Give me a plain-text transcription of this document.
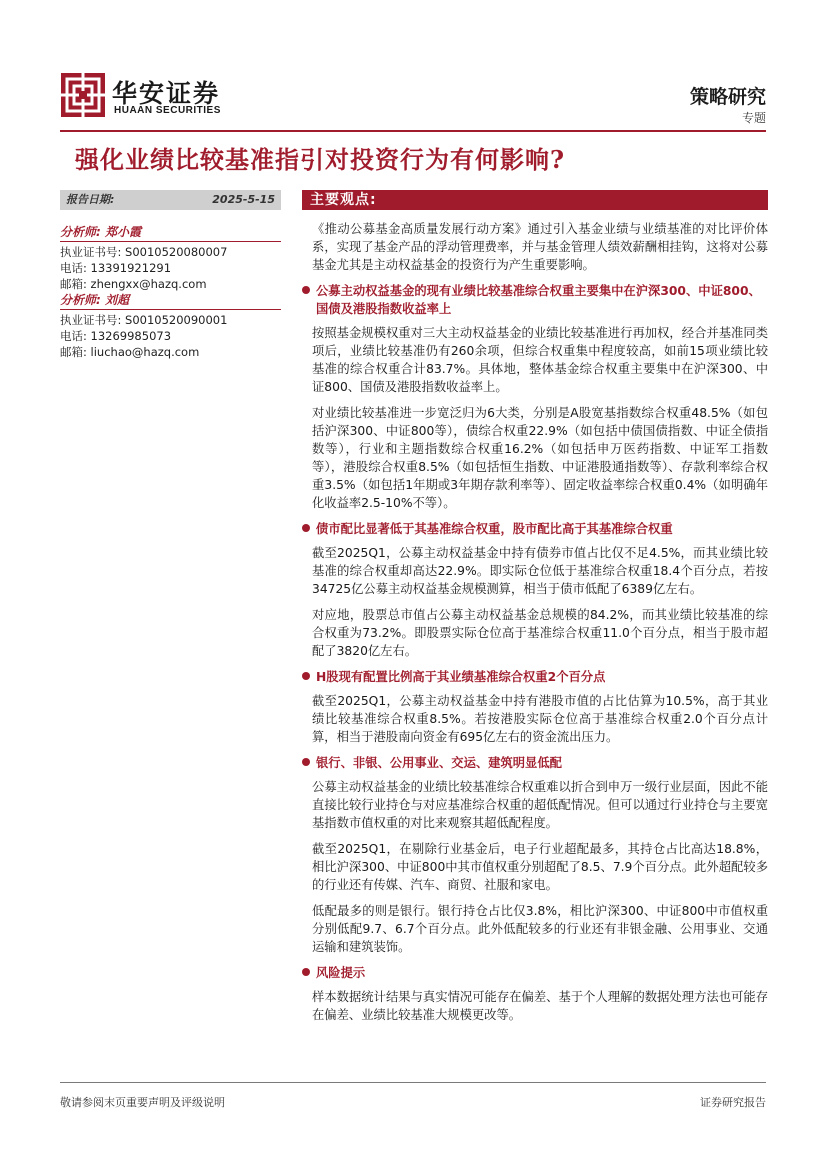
华安证券
HUAAN SECURITIES
策略研究
专题
强化业绩比较基准指引对投资行为有何影响?
报告日期:	2025-5-15
分析师: 郑小霞
执业证书号: S0010520080007
电话: 13391921291
邮箱: zhengxx@hazq.com
分析师: 刘超
执业证书号: S0010520090001
电话: 13269985073
邮箱: liuchao@hazq.com
主要观点:

《推动公募基金高质量发展行动方案》通过引入基金业绩与业绩基准的对比评价体系，实现了基金产品的浮动管理费率，并与基金管理人绩效薪酬相挂钩，这将对公募基金尤其是主动权益基金的投资行为产生重要影响。

公募主动权益基金的现有业绩比较基准综合权重主要集中在沪深300、中证800、国债及港股指数收益率上

按照基金规模权重对三大主动权益基金的业绩比较基准进行再加权，经合并基准同类项后，业绩比较基准仍有260余项，但综合权重集中程度较高，如前15项业绩比较基准的综合权重合计83.7%。具体地，整体基金综合权重主要集中在沪深300、中证800、国债及港股指数收益率上。

对业绩比较基准进一步宽泛归为6大类，分别是A股宽基指数综合权重48.5%（如包括沪深300、中证800等），债综合权重22.9%（如包括中债国债指数、中证全债指数等），行业和主题指数综合权重16.2%（如包括申万医药指数、中证军工指数等），港股综合权重8.5%（如包括恒生指数、中证港股通指数等）、存款利率综合权重3.5%（如包括1年期或3年期存款利率等）、固定收益率综合权重0.4%（如明确年化收益率2.5-10%不等）。

债市配比显著低于其基准综合权重，股市配比高于其基准综合权重

截至2025Q1，公募主动权益基金中持有债券市值占比仅不足4.5%，而其业绩比较基准的综合权重却高达22.9%。即实际仓位低于基准综合权重18.4个百分点，若按34725亿公募主动权益基金规模测算，相当于债市低配了6389亿左右。

对应地，股票总市值占公募主动权益基金总规模的84.2%，而其业绩比较基准的综合权重为73.2%。即股票实际仓位高于基准综合权重11.0个百分点，相当于股市超配了3820亿左右。

H股现有配置比例高于其业绩基准综合权重2个百分点

截至2025Q1，公募主动权益基金中持有港股市值的占比估算为10.5%，高于其业绩比较基准综合权重8.5%。若按港股实际仓位高于基准综合权重2.0个百分点计算，相当于港股南向资金有695亿左右的资金流出压力。

银行、非银、公用事业、交运、建筑明显低配

公募主动权益基金的业绩比较基准综合权重难以折合到申万一级行业层面，因此不能直接比较行业持仓与对应基准综合权重的超低配情况。但可以通过行业持仓与主要宽基指数市值权重的对比来观察其超低配程度。

截至2025Q1，在剔除行业基金后，电子行业超配最多，其持仓占比高达18.8%，相比沪深300、中证800中其市值权重分别超配了8.5、7.9个百分点。此外超配较多的行业还有传媒、汽车、商贸、社服和家电。

低配最多的则是银行。银行持仓占比仅3.8%，相比沪深300、中证800中市值权重分别低配9.7、6.7个百分点。此外低配较多的行业还有非银金融、公用事业、交通运输和建筑装饰。

风险提示

样本数据统计结果与真实情况可能存在偏差、基于个人理解的数据处理方法也可能存在偏差、业绩比较基准大规模更改等。

敬请参阅末页重要声明及评级说明	证券研究报告
